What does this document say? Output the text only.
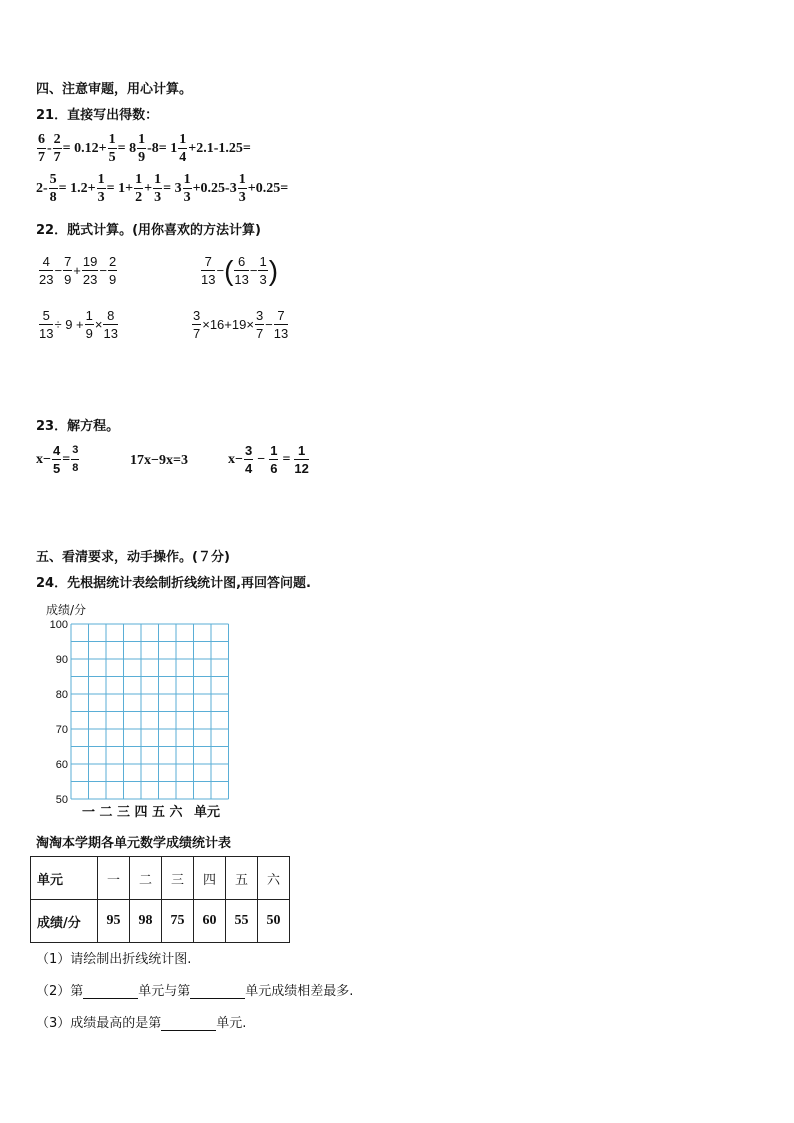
四、注意审题，用心计算。
21．直接写出得数：
$\frac{6}{7} - \frac{2}{7} = 0.12+ \frac{1}{5} = 8 \frac{1}{9} -8= 1 \frac{1}{4} +2.1-1.25=$
$2- \frac{5}{8} = 1.2+ \frac{1}{3} = 1+ \frac{1}{2} + \frac{1}{3} = 3 \frac{1}{3} +0.25-3 \frac{1}{3} +0.25=$
22．脱式计算。(用你喜欢的方法计算)
$\frac{4}{23} - \frac{7}{9} + \frac{19}{23} - \frac{2}{9}$	$\frac{7}{13}$ − ( $\frac{6}{13} - \frac{1}{3}$ )
$\frac{5}{13} \div 9 + \frac{1}{9} \times \frac{8}{13}$	$\frac{3}{7} \times 16+19\times \frac{3}{7} - \frac{7}{13}$
23．解方程。
$x- \frac{4}{5} = \frac{3}{8}$	17x−9x=3	$x- \frac{3}{4} - \frac{1}{6} = \frac{1}{12}$
五、看清要求，动手操作。(７分)
24．先根据统计表绘制折线统计图,再回答问题.
成绩/分
100
90
80
70
60
50
一 二 三 四 五 六 单元
淘淘本学期各单元数学成绩统计表
单元	一	二	三	四	五	六
成绩/分	95	98	75	60	55	50
（1）请绘制出折线统计图.
（2）第	单元与第	单元成绩相差最多.
（3）成绩最高的是第	单元.
